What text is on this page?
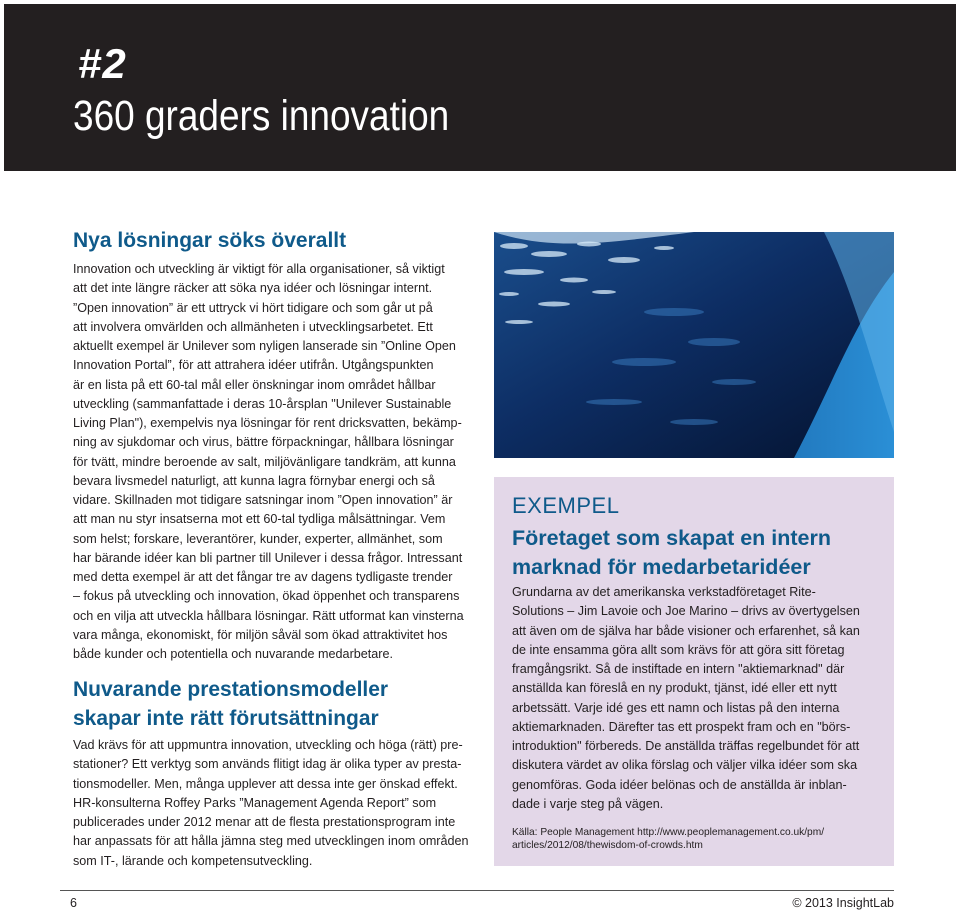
#2
360 graders innovation
Nya lösningar söks överallt
Innovation och utveckling är viktigt för alla organisationer, så viktigt
att det inte längre räcker att söka nya idéer och lösningar internt.
”Open innovation” är ett uttryck vi hört tidigare och som går ut på
att involvera omvärlden och allmänheten i utvecklingsarbetet. Ett
aktuellt exempel är Unilever som nyligen lanserade sin ”Online Open
Innovation Portal”, för att attrahera idéer utifrån. Utgångspunkten
är en lista på ett 60-tal mål eller önskningar inom området hållbar
utveckling (sammanfattade i deras 10-årsplan "Unilever Sustainable
Living Plan"), exempelvis nya lösningar för rent dricksvatten, bekämp-
ning av sjukdomar och virus, bättre förpackningar, hållbara lösningar
för tvätt, mindre beroende av salt, miljövänligare tandkräm, att kunna
bevara livsmedel naturligt, att kunna lagra förnybar energi och så
vidare. Skillnaden mot tidigare satsningar inom ”Open innovation” är
att man nu styr insatserna mot ett 60-tal tydliga målsättningar. Vem
som helst; forskare, leverantörer, kunder, experter, allmänhet, som
har bärande idéer kan bli partner till Unilever i dessa frågor. Intressant
med detta exempel är att det fångar tre av dagens tydligaste trender
– fokus på utveckling och innovation, ökad öppenhet och transparens
och en vilja att utveckla hållbara lösningar. Rätt utformat kan vinsterna
vara många, ekonomiskt, för miljön såväl som ökad attraktivitet hos
både kunder och potentiella och nuvarande medarbetare.
Nuvarande prestationsmodeller
skapar inte rätt förutsättningar
Vad krävs för att uppmuntra innovation, utveckling och höga (rätt) pre-
stationer? Ett verktyg som används flitigt idag är olika typer av presta-
tionsmodeller. Men, många upplever att dessa inte ger önskad effekt.
HR-konsulterna Roffey Parks ”Management Agenda Report” som
publicerades under 2012 menar att de flesta prestationsprogram inte
har anpassats för att hålla jämna steg med utvecklingen inom områden
som IT-, lärande och kompetensutveckling.
EXEMPEL
Företaget som skapat en intern
marknad för medarbetaridéer
Grundarna av det amerikanska verkstadföretaget Rite-
Solutions – Jim Lavoie och Joe Marino – drivs av övertygelsen
att även om de själva har både visioner och erfarenhet, så kan
de inte ensamma göra allt som krävs för att göra sitt företag
framgångsrikt. Så de instiftade en intern "aktiemarknad" där
anställda kan föreslå en ny produkt, tjänst, idé eller ett nytt
arbetssätt. Varje idé ges ett namn och listas på den interna
aktiemarknaden. Därefter tas ett prospekt fram och en "börs-
introduktion" förbereds. De anställda träffas regelbundet för att
diskutera värdet av olika förslag och väljer vilka idéer som ska
genomföras. Goda idéer belönas och de anställda är inblan-
dade i varje steg på vägen.
Källa: People Management http://www.peoplemanagement.co.uk/pm/
articles/2012/08/thewisdom-of-crowds.htm
6	© 2013 InsightLab
